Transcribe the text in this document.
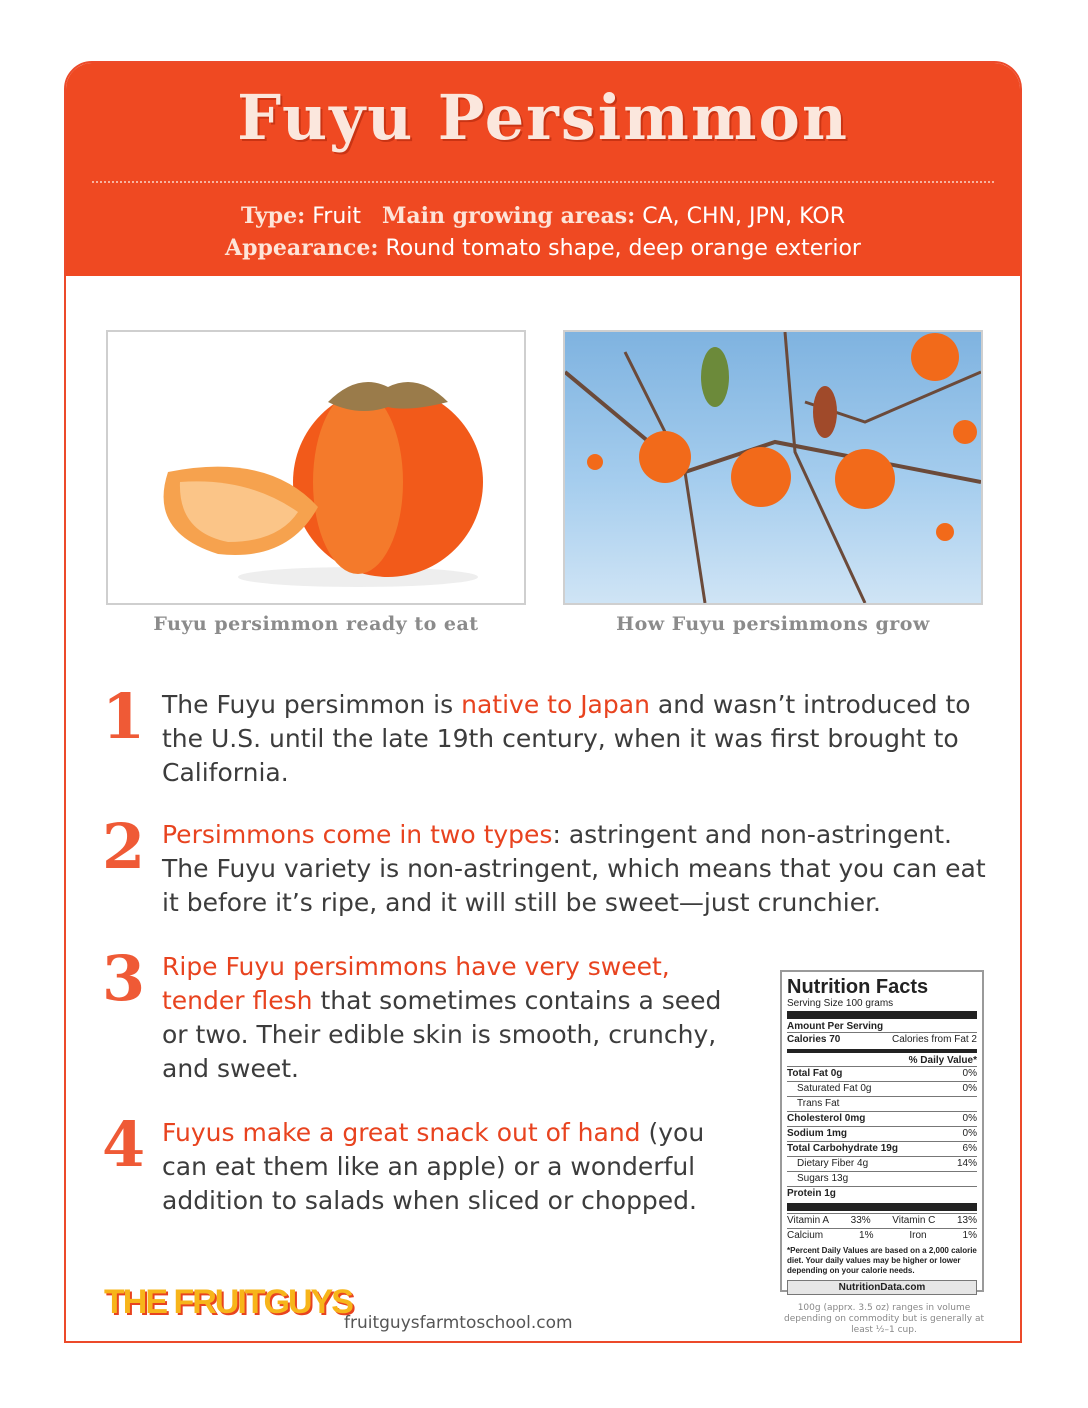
Fuyu Persimmon
Type: Fruit Main growing areas: CA, CHN, JPN, KOR
Appearance: Round tomato shape, deep orange exterior
Fuyu persimmon ready to eat	How Fuyu persimmons grow
1 The Fuyu persimmon is native to Japan and wasn’t introduced to the U.S. until the late 19th century, when it was first brought to California.
2 Persimmons come in two types: astringent and non-astringent. The Fuyu variety is non-astringent, which means that you can eat it before it’s ripe, and it will still be sweet—just crunchier.
3 Ripe Fuyu persimmons have very sweet, tender flesh that sometimes contains a seed or two. Their edible skin is smooth, crunchy, and sweet.
4 Fuyus make a great snack out of hand (you can eat them like an apple) or a wonderful addition to salads when sliced or chopped.
Nutrition Facts
Serving Size 100 grams
Amount Per Serving
Calories 70	Calories from Fat 2
% Daily Value*
Total Fat 0g	0%
Saturated Fat 0g	0%
Trans Fat
Cholesterol 0mg	0%
Sodium 1mg	0%
Total Carbohydrate 19g	6%
Dietary Fiber 4g	14%
Sugars 13g
Protein 1g
Vitamin A 33% Vitamin C 13%
Calcium	1%	Iron	1%
*Percent Daily Values are based on a 2,000 calorie diet. Your daily values may be higher or lower depending on your calorie needs.
NutritionData.com
100g (apprx. 3.5 oz) ranges in volume depending on commodity but is generally at least ½–1 cup.
THE FRUITGUYS
fruitguysfarmtoschool.com
